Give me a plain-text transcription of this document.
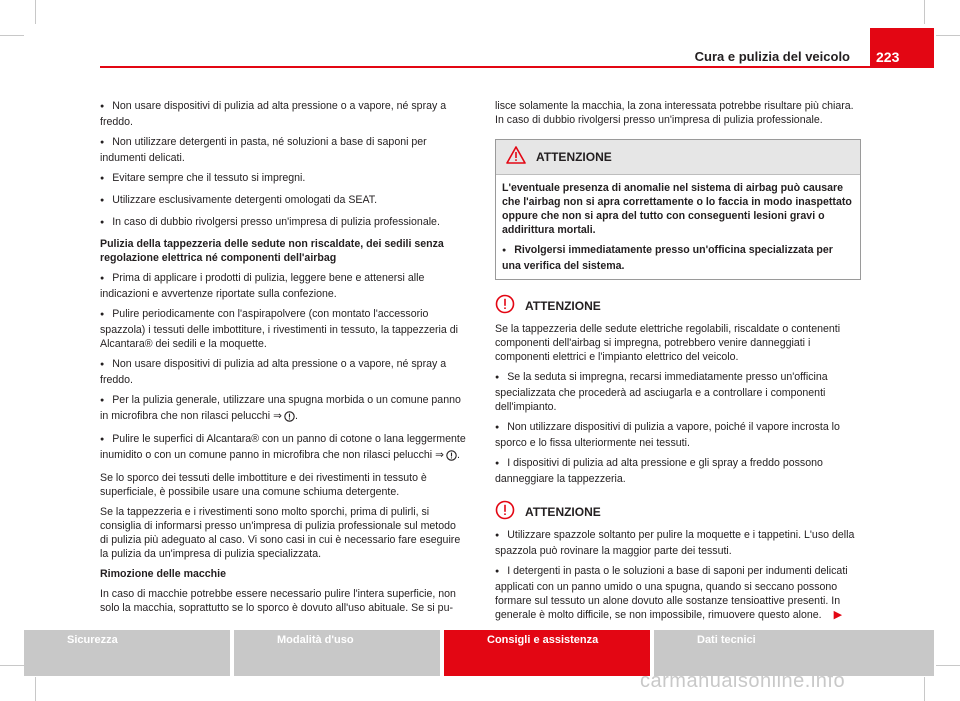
Cura e pulizia del veicolo	223

● Non usare dispositivi di pulizia ad alta pressione o a vapore, né spray a freddo.

● Non utilizzare detergenti in pasta, né soluzioni a base di saponi per indumenti delicati.

● Evitare sempre che il tessuto si impregni.

● Utilizzare esclusivamente detergenti omologati da SEAT.

● In caso di dubbio rivolgersi presso un'impresa di pulizia professionale.

Pulizia della tappezzeria delle sedute non riscaldate, dei sedili senza regolazione elettrica né componenti dell'airbag

● Prima di applicare i prodotti di pulizia, leggere bene e attenersi alle indicazioni e avvertenze riportate sulla confezione.

● Pulire periodicamente con l'aspirapolvere (con montato l'accessorio spazzola) i tessuti delle imbottiture, i rivestimenti in tessuto, la tappezzeria di Alcantara® dei sedili e la moquette.

● Non usare dispositivi di pulizia ad alta pressione o a vapore, né spray a freddo.

● Per la pulizia generale, utilizzare una spugna morbida o un comune panno in microfibra che non rilasci pelucchi ⇒ .

● Pulire le superfici di Alcantara® con un panno di cotone o lana leggermente inumidito o con un comune panno in microfibra che non rilasci pelucchi ⇒ .

Se lo sporco dei tessuti delle imbottiture e dei rivestimenti in tessuto è superficiale, è possibile usare una comune schiuma detergente.

Se la tappezzeria e i rivestimenti sono molto sporchi, prima di pulirli, si consiglia di informarsi presso un'impresa di pulizia professionale sul metodo di pulizia più adeguato al caso. Vi sono casi in cui è necessario fare eseguire la pulizia da un'impresa di pulizia specializzata.

Rimozione delle macchie

In caso di macchie potrebbe essere necessario pulire l'intera superficie, non solo la macchia, soprattutto se lo sporco è dovuto all'uso abituale. Se si pu-

lisce solamente la macchia, la zona interessata potrebbe risultare più chiara. In caso di dubbio rivolgersi presso un'impresa di pulizia professionale.

ATTENZIONE

L'eventuale presenza di anomalie nel sistema di airbag può causare che l'airbag non si apra correttamente o lo faccia in modo inaspettato oppure che non si apra del tutto con conseguenti lesioni gravi o addirittura mortali.

● Rivolgersi immediatamente presso un'officina specializzata per una verifica del sistema.

ATTENZIONE

Se la tappezzeria delle sedute elettriche regolabili, riscaldate o contenenti componenti dell'airbag si impregna, potrebbero venire danneggiati i componenti elettrici e l'impianto elettrico del veicolo.

● Se la seduta si impregna, recarsi immediatamente presso un'officina specializzata che procederà ad asciugarla e a controllare i componenti dell'impianto.

● Non utilizzare dispositivi di pulizia a vapore, poiché il vapore incrosta lo sporco e lo fissa ulteriormente nei tessuti.

● I dispositivi di pulizia ad alta pressione e gli spray a freddo possono danneggiare la tappezzeria.

ATTENZIONE

● Utilizzare spazzole soltanto per pulire la moquette e i tappetini. L'uso della spazzola può rovinare la maggior parte dei tessuti.

● I detergenti in pasta o le soluzioni a base di saponi per indumenti delicati applicati con un panno umido o una spugna, quando si seccano possono formare sul tessuto un alone dovuto alle sostanze tensioattive presenti. In generale è molto difficile, se non impossibile, rimuovere questo alone. ▶︎

Sicurezza	Modalità d'uso	Consigli e assistenza	Dati tecnici
carmanualsonline.info
